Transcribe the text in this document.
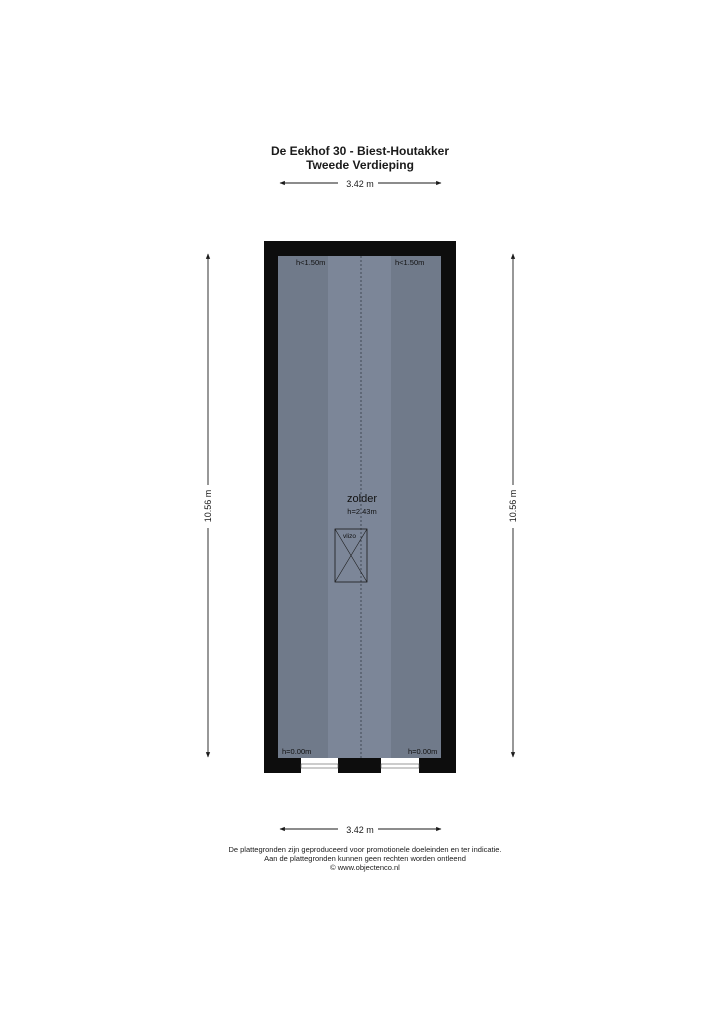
De Eekhof 30 - Biest-Houtakker
Tweede Verdieping
3.42 m
10.56 m	10.56 m
h<1.50m	h<1.50m
h=0.00m	h=0.00m
zolder
h=2.43m
vlizo
3.42 m
De plattegronden zijn geproduceerd voor promotionele doeleinden en ter indicatie.
Aan de plattegronden kunnen geen rechten worden ontleend
© www.objectenco.nl
